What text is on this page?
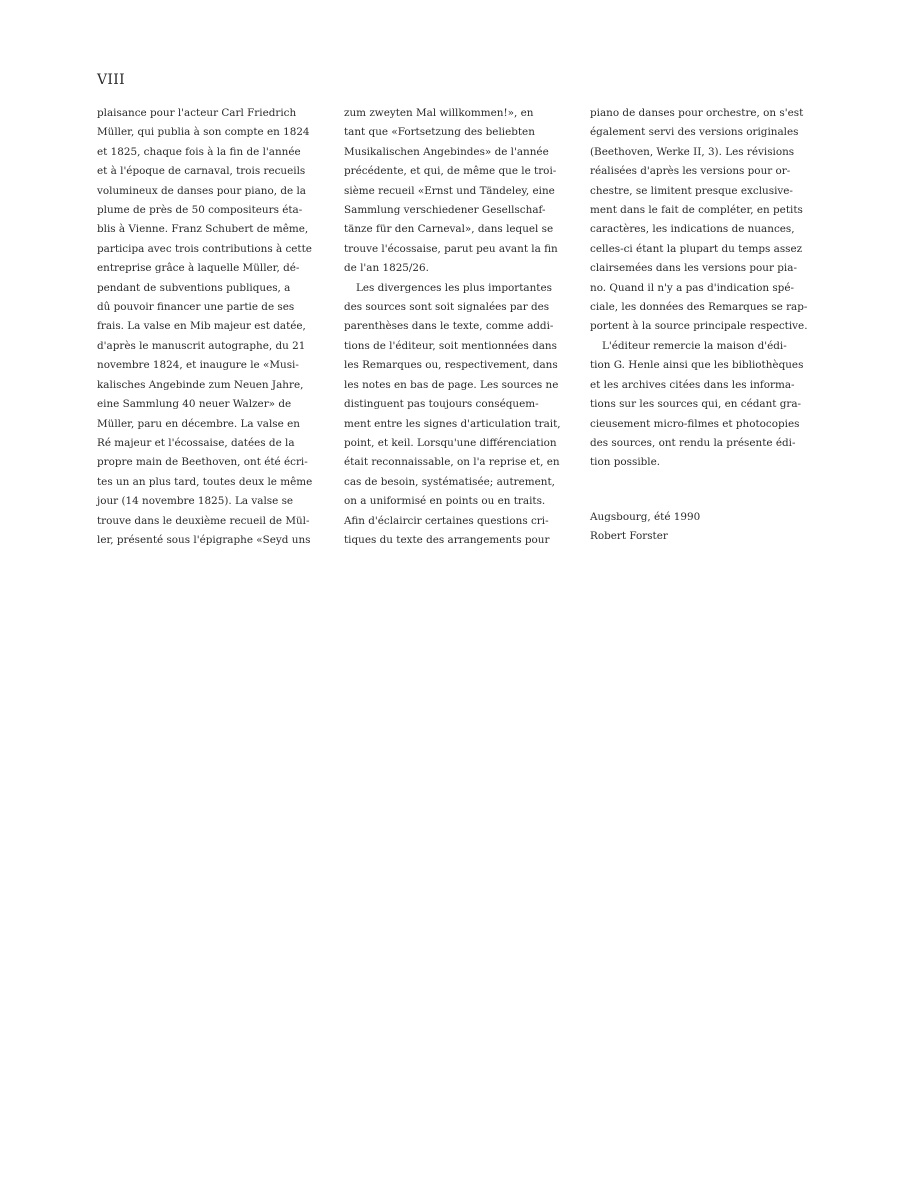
VIII
plaisance pour l'acteur Carl Friedrich
Müller, qui publia à son compte en 1824
et 1825, chaque fois à la fin de l'année
et à l'époque de carnaval, trois recueils
volumineux de danses pour piano, de la
plume de près de 50 compositeurs éta-
blis à Vienne. Franz Schubert de même,
participa avec trois contributions à cette
entreprise grâce à laquelle Müller, dé-
pendant de subventions publiques, a
dû pouvoir financer une partie de ses
frais. La valse en Mib majeur est datée,
d'après le manuscrit autographe, du 21
novembre 1824, et inaugure le «Musi-
kalisches Angebinde zum Neuen Jahre,
eine Sammlung 40 neuer Walzer» de
Müller, paru en décembre. La valse en
Ré majeur et l'écossaise, datées de la
propre main de Beethoven, ont été écri-
tes un an plus tard, toutes deux le même
jour (14 novembre 1825). La valse se
trouve dans le deuxième recueil de Mül-
ler, présenté sous l'épigraphe «Seyd uns
zum zweyten Mal willkommen!», en
tant que «Fortsetzung des beliebten
Musikalischen Angebindes» de l'année
précédente, et qui, de même que le troi-
sième recueil «Ernst und Tändeley, eine
Sammlung verschiedener Gesellschaf-
tänze für den Carneval», dans lequel se
trouve l'écossaise, parut peu avant la fin
de l'an 1825/26.
Les divergences les plus importantes
des sources sont soit signalées par des
parenthèses dans le texte, comme addi-
tions de l'éditeur, soit mentionnées dans
les Remarques ou, respectivement, dans
les notes en bas de page. Les sources ne
distinguent pas toujours conséquem-
ment entre les signes d'articulation trait,
point, et keil. Lorsqu'une différenciation
était reconnaissable, on l'a reprise et, en
cas de besoin, systématisée; autrement,
on a uniformisé en points ou en traits.
Afin d'éclaircir certaines questions cri-
tiques du texte des arrangements pour
piano de danses pour orchestre, on s'est
également servi des versions originales
(Beethoven, Werke II, 3). Les révisions
réalisées d'après les versions pour or-
chestre, se limitent presque exclusive-
ment dans le fait de compléter, en petits
caractères, les indications de nuances,
celles-ci étant la plupart du temps assez
clairsemées dans les versions pour pia-
no. Quand il n'y a pas d'indication spé-
ciale, les données des Remarques se rap-
portent à la source principale respective.
L'éditeur remercie la maison d'édi-
tion G. Henle ainsi que les bibliothèques
et les archives citées dans les informa-
tions sur les sources qui, en cédant gra-
cieusement micro-filmes et photocopies
des sources, ont rendu la présente édi-
tion possible.
Augsbourg, été 1990
Robert Forster
